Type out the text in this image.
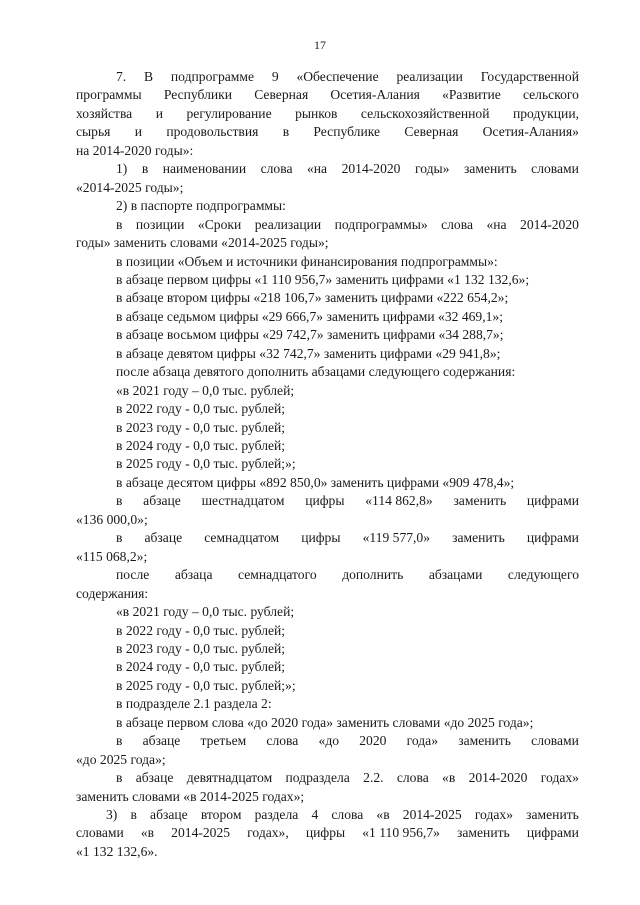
17
7. В подпрограмме 9 «Обеспечение реализации Государственной
программы Республики Северная Осетия-Алания «Развитие сельского
хозяйства и регулирование рынков сельскохозяйственной продукции,
сырья и продовольствия в Республике Северная Осетия-Алания»
на 2014-2020 годы»:
1) в наименовании слова «на 2014-2020 годы» заменить словами
«2014-2025 годы»;
2) в паспорте подпрограммы:
в позиции «Сроки реализации подпрограммы» слова «на 2014-2020
годы» заменить словами «2014-2025 годы»;
в позиции «Объем и источники финансирования подпрограммы»:
в абзаце первом цифры «1 110 956,7» заменить цифрами «1 132 132,6»;
в абзаце втором цифры «218 106,7» заменить цифрами «222 654,2»;
в абзаце седьмом цифры «29 666,7» заменить цифрами «32 469,1»;
в абзаце восьмом цифры «29 742,7» заменить цифрами «34 288,7»;
в абзаце девятом цифры «32 742,7» заменить цифрами «29 941,8»;
после абзаца девятого дополнить абзацами следующего содержания:
«в 2021 году – 0,0 тыс. рублей;
в 2022 году - 0,0 тыс. рублей;
в 2023 году - 0,0 тыс. рублей;
в 2024 году - 0,0 тыс. рублей;
в 2025 году - 0,0 тыс. рублей;»;
в абзаце десятом цифры «892 850,0» заменить цифрами «909 478,4»;
в абзаце шестнадцатом цифры «114 862,8» заменить цифрами
«136 000,0»;
в абзаце семнадцатом цифры «119 577,0» заменить цифрами
«115 068,2»;
после абзаца семнадцатого дополнить абзацами следующего
содержания:
«в 2021 году – 0,0 тыс. рублей;
в 2022 году - 0,0 тыс. рублей;
в 2023 году - 0,0 тыс. рублей;
в 2024 году - 0,0 тыс. рублей;
в 2025 году - 0,0 тыс. рублей;»;
в подразделе 2.1 раздела 2:
в абзаце первом слова «до 2020 года» заменить словами «до 2025 года»;
в абзаце третьем слова «до 2020 года» заменить словами
«до 2025 года»;
в абзаце девятнадцатом подраздела 2.2. слова «в 2014-2020 годах»
заменить словами «в 2014-2025 годах»;
3) в абзаце втором раздела 4 слова «в 2014-2025 годах» заменить
словами «в 2014-2025 годах», цифры «1 110 956,7» заменить цифрами
«1 132 132,6».
